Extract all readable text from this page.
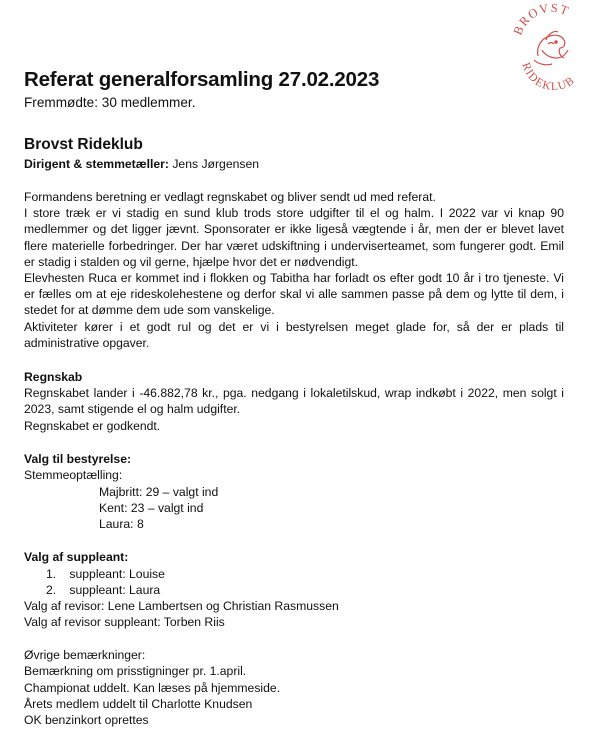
BROVST
RIDEKLUB
Referat generalforsamling 27.02.2023

Fremmødte: 30 medlemmer.

Brovst Rideklub
Dirigent & stemmetæller: Jens Jørgensen

Formandens beretning er vedlagt regnskabet og bliver sendt ud med referat.

I store træk er vi stadig en sund klub trods store udgifter til el og halm. I 2022 var vi knap 90 medlemmer og det ligger jævnt. Sponsorater er ikke ligeså vægtende i år, men der er blevet lavet flere materielle forbedringer. Der har været udskiftning i underviserteamet, som fungerer godt. Emil er stadig i stalden og vil gerne, hjælpe hvor det er nødvendigt.

Elevhesten Ruca er kommet ind i flokken og Tabitha har forladt os efter godt 10 år i tro tjeneste. Vi er fælles om at eje rideskolehestene og derfor skal vi alle sammen passe på dem og lytte til dem, i stedet for at dømme dem ude som vanskelige.

Aktiviteter kører i et godt rul og det er vi i bestyrelsen meget glade for, så der er plads til administrative opgaver.

Regnskab

Regnskabet lander i -46.882,78 kr., pga. nedgang i lokaletilskud, wrap indkøbt i 2022, men solgt i 2023, samt stigende el og halm udgifter.

Regnskabet er godkendt.
Valg til bestyrelse:
Stemmeoptælling:
Majbritt: 29 – valgt ind
Kent: 23 – valgt ind
Laura: 8
Valg af suppleant:
1. suppleant: Louise
2. suppleant: Laura
Valg af revisor: Lene Lambertsen og Christian Rasmussen
Valg af revisor suppleant: Torben Riis
Øvrige bemærkninger:
Bemærkning om prisstigninger pr. 1.april.
Championat uddelt. Kan læses på hjemmeside.
Årets medlem uddelt til Charlotte Knudsen
OK benzinkort oprettes
